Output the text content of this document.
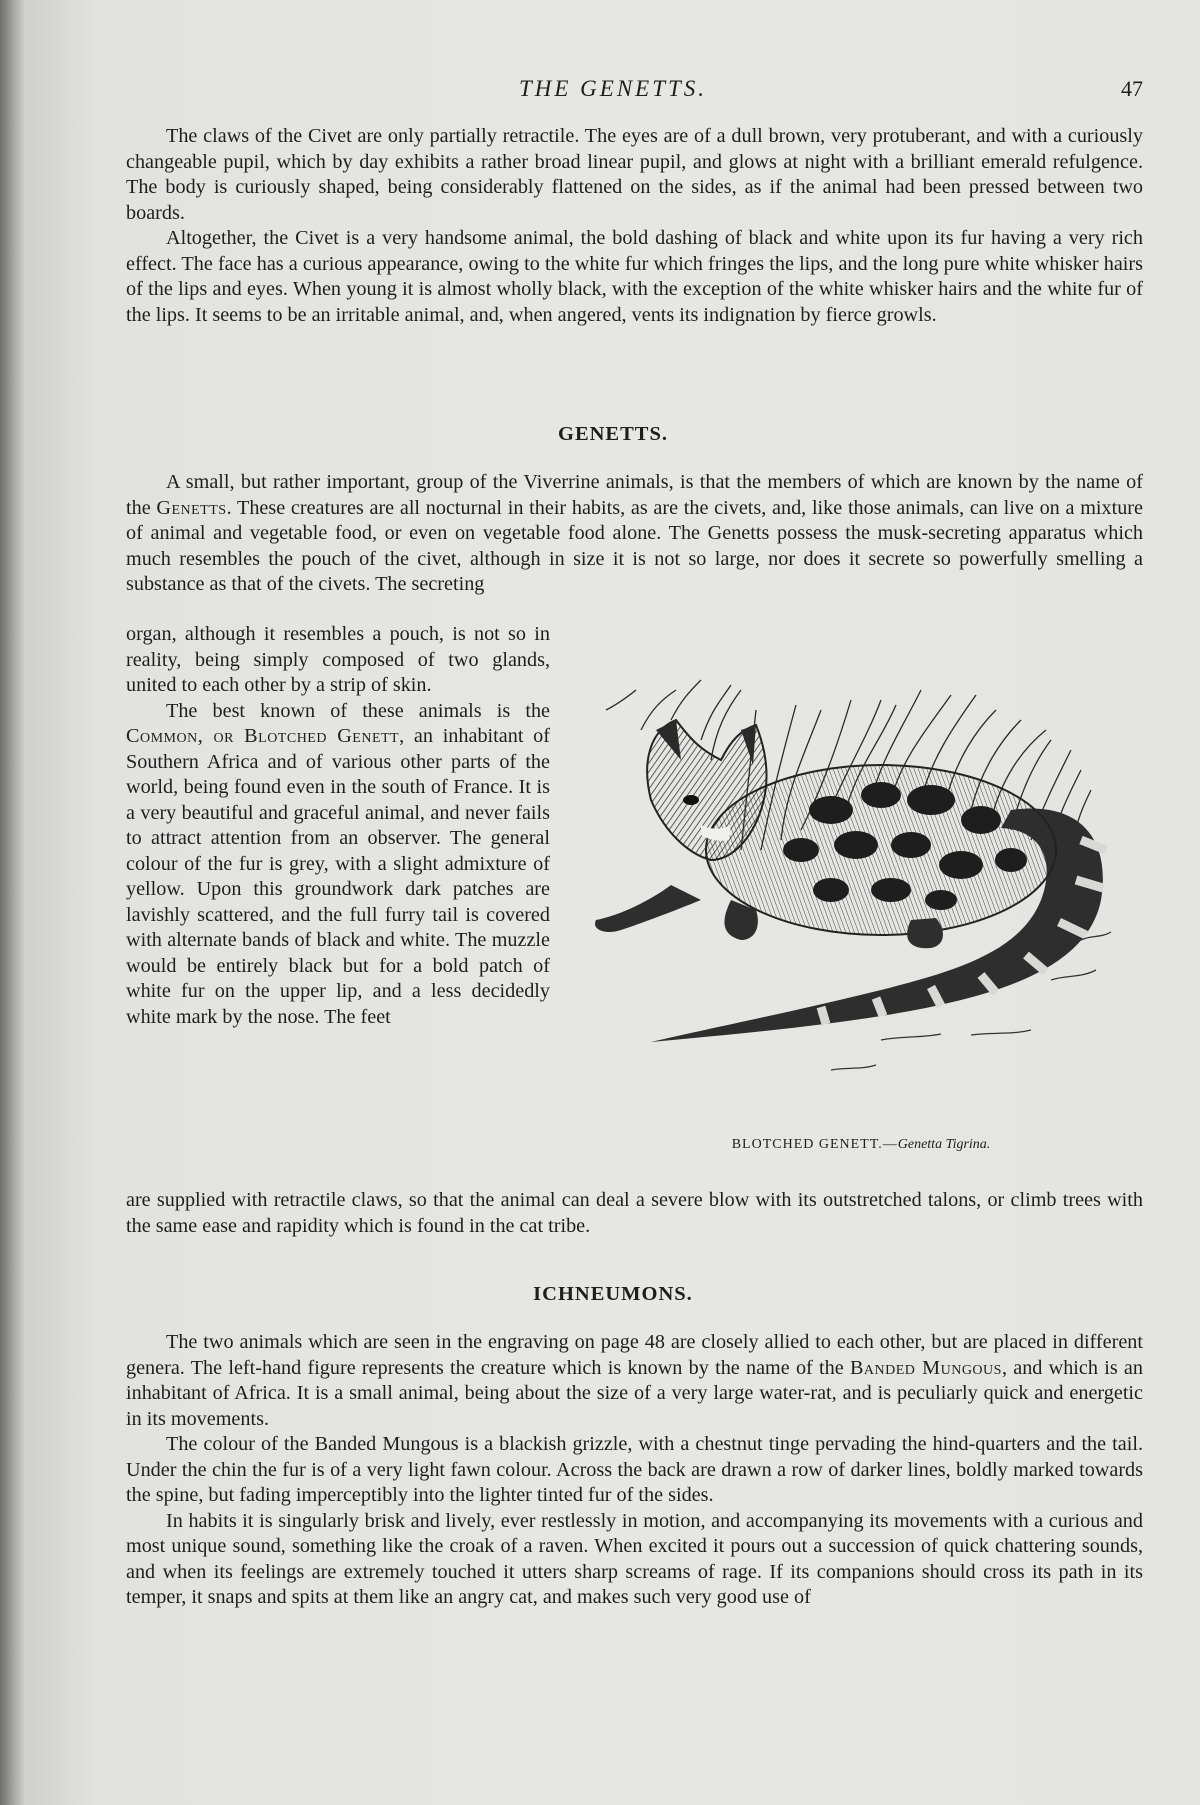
THE GENETTS.	47

The claws of the Civet are only partially retractile. The eyes are of a dull brown, very protuberant, and with a curiously changeable pupil, which by day exhibits a rather broad linear pupil, and glows at night with a brilliant emerald refulgence. The body is curiously shaped, being considerably flattened on the sides, as if the animal had been pressed between two boards.

Altogether, the Civet is a very handsome animal, the bold dashing of black and white upon its fur having a very rich effect. The face has a curious appearance, owing to the white fur which fringes the lips, and the long pure white whisker hairs of the lips and eyes. When young it is almost wholly black, with the exception of the white whisker hairs and the white fur of the lips. It seems to be an irritable animal, and, when angered, vents its indignation by fierce growls.

GENETTS.

A small, but rather important, group of the Viverrine animals, is that the members of which are known by the name of the Genetts. These creatures are all nocturnal in their habits, as are the civets, and, like those animals, can live on a mixture of animal and vegetable food, or even on vegetable food alone. The Genetts possess the musk-secreting apparatus which much resembles the pouch of the civet, although in size it is not so large, nor does it secrete so powerfully smelling a substance as that of the civets. The secreting

organ, although it resembles a pouch, is not so in reality, being simply composed of two glands, united to each other by a strip of skin.

The best known of these animals is the Common, or Blotched Genett, an inhabitant of Southern Africa and of various other parts of the world, being found even in the south of France. It is a very beautiful and graceful animal, and never fails to attract attention from an observer. The general colour of the fur is grey, with a slight admixture of yellow. Upon this groundwork dark patches are lavishly scattered, and the full furry tail is covered with alternate bands of black and white. The muzzle would be entirely black but for a bold patch of white fur on the upper lip, and a less decidedly white mark by the nose. The feet

BLOTCHED GENETT.—Genetta Tigrina.

are supplied with retractile claws, so that the animal can deal a severe blow with its outstretched talons, or climb trees with the same ease and rapidity which is found in the cat tribe.

ICHNEUMONS.

The two animals which are seen in the engraving on page 48 are closely allied to each other, but are placed in different genera. The left-hand figure represents the creature which is known by the name of the Banded Mungous, and which is an inhabitant of Africa. It is a small animal, being about the size of a very large water-rat, and is peculiarly quick and energetic in its movements.

The colour of the Banded Mungous is a blackish grizzle, with a chestnut tinge pervading the hind-quarters and the tail. Under the chin the fur is of a very light fawn colour. Across the back are drawn a row of darker lines, boldly marked towards the spine, but fading imperceptibly into the lighter tinted fur of the sides.

In habits it is singularly brisk and lively, ever restlessly in motion, and accompanying its movements with a curious and most unique sound, something like the croak of a raven. When excited it pours out a succession of quick chattering sounds, and when its feelings are extremely touched it utters sharp screams of rage. If its companions should cross its path in its temper, it snaps and spits at them like an angry cat, and makes such very good use of
